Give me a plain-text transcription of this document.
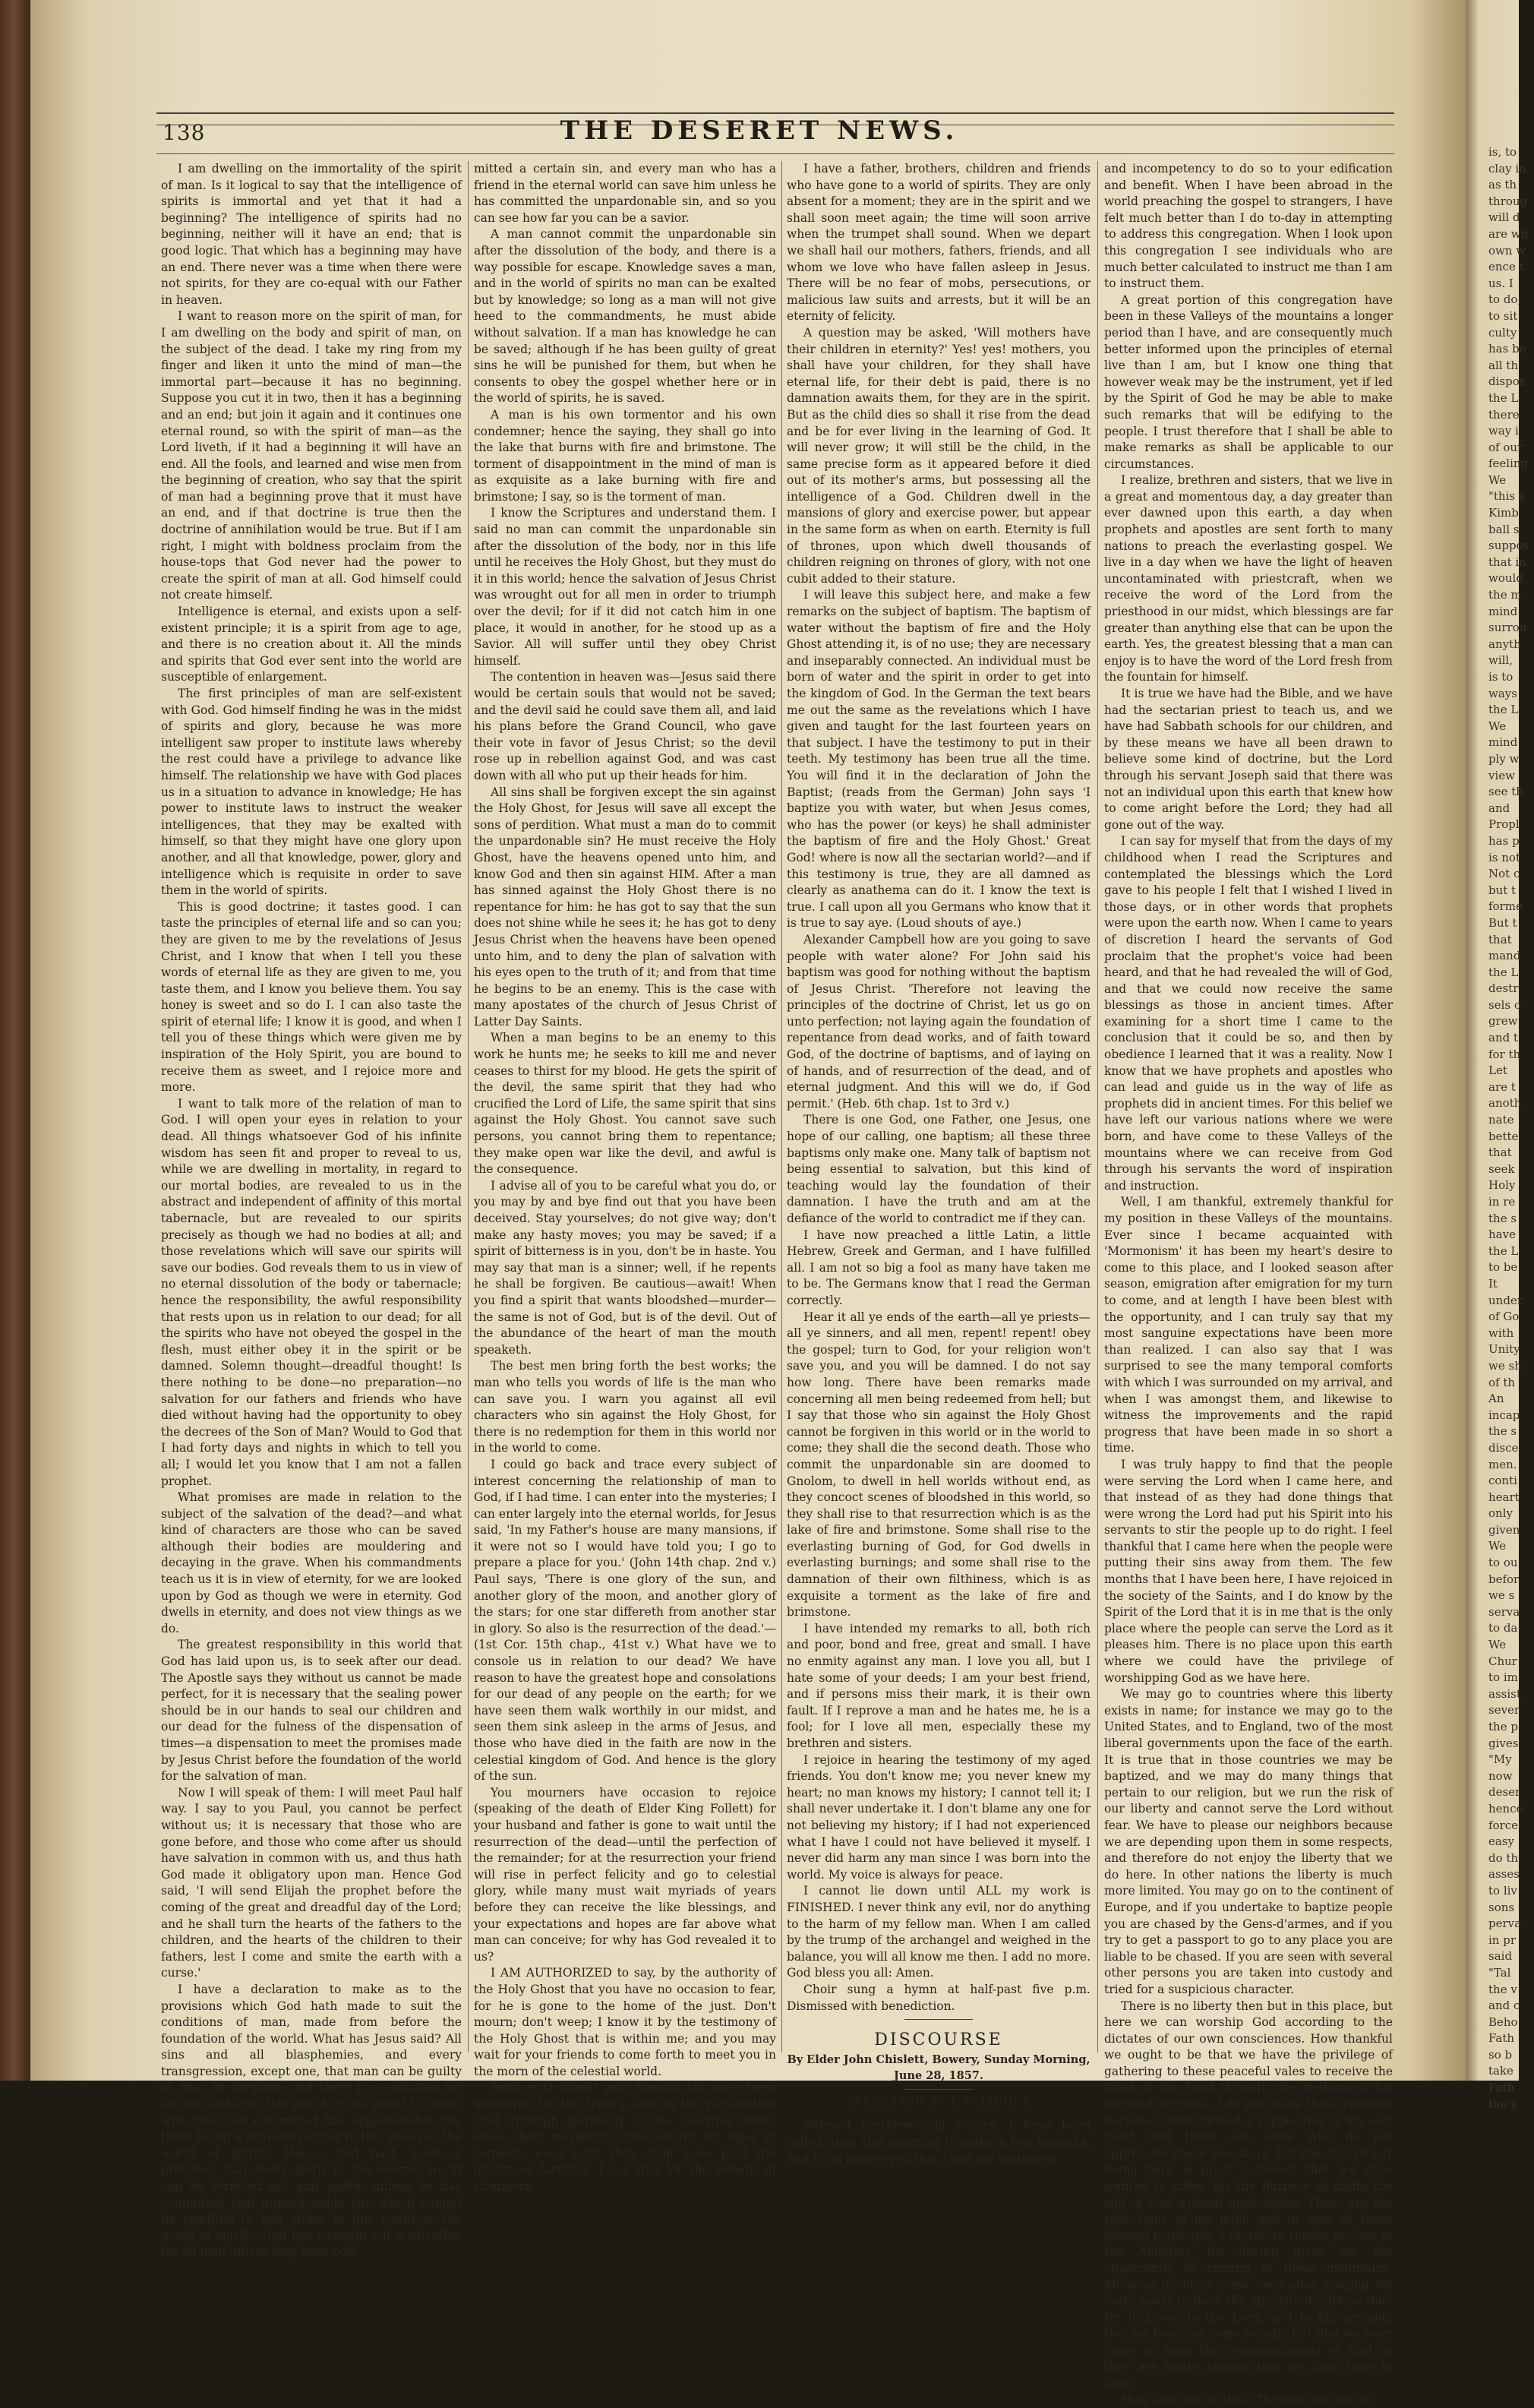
138	THE DESERET NEWS.

I am dwelling on the immortality of the spirit of man. Is it logical to say that the intelligence of spirits is immortal and yet that it had a beginning? The intelligence of spirits had no beginning, neither will it have an end; that is good logic. That which has a beginning may have an end. There never was a time when there were not spirits, for they are co-equal with our Father in heaven.

I want to reason more on the spirit of man, for I am dwelling on the body and spirit of man, on the subject of the dead. I take my ring from my finger and liken it unto the mind of man—the immortal part—because it has no beginning. Suppose you cut it in two, then it has a beginning and an end; but join it again and it continues one eternal round, so with the spirit of man—as the Lord liveth, if it had a beginning it will have an end. All the fools, and learned and wise men from the beginning of creation, who say that the spirit of man had a beginning prove that it must have an end, and if that doctrine is true then the doctrine of annihilation would be true. But if I am right, I might with boldness proclaim from the house-tops that God never had the power to create the spirit of man at all. God himself could not create himself.

Intelligence is eternal, and exists upon a self-existent principle; it is a spirit from age to age, and there is no creation about it. All the minds and spirits that God ever sent into the world are susceptible of enlargement.

The first principles of man are self-existent with God. God himself finding he was in the midst of spirits and glory, because he was more intelligent saw proper to institute laws whereby the rest could have a privilege to advance like himself. The relationship we have with God places us in a situation to advance in knowledge; He has power to institute laws to instruct the weaker intelligences, that they may be exalted with himself, so that they might have one glory upon another, and all that knowledge, power, glory and intelligence which is requisite in order to save them in the world of spirits.

This is good doctrine; it tastes good. I can taste the principles of eternal life and so can you; they are given to me by the revelations of Jesus Christ, and I know that when I tell you these words of eternal life as they are given to me, you taste them, and I know you believe them. You say honey is sweet and so do I. I can also taste the spirit of eternal life; I know it is good, and when I tell you of these things which were given me by inspiration of the Holy Spirit, you are bound to receive them as sweet, and I rejoice more and more.

I want to talk more of the relation of man to God. I will open your eyes in relation to your dead. All things whatsoever God of his infinite wisdom has seen fit and proper to reveal to us, while we are dwelling in mortality, in regard to our mortal bodies, are revealed to us in the abstract and independent of affinity of this mortal tabernacle, but are revealed to our spirits precisely as though we had no bodies at all; and those revelations which will save our spirits will save our bodies. God reveals them to us in view of no eternal dissolution of the body or tabernacle; hence the responsibility, the awful responsibility that rests upon us in relation to our dead; for all the spirits who have not obeyed the gospel in the flesh, must either obey it in the spirit or be damned. Solemn thought—dreadful thought! Is there nothing to be done—no preparation—no salvation for our fathers and friends who have died without having had the opportunity to obey the decrees of the Son of Man? Would to God that I had forty days and nights in which to tell you all; I would let you know that I am not a fallen prophet.

What promises are made in relation to the subject of the salvation of the dead?—and what kind of characters are those who can be saved although their bodies are mouldering and decaying in the grave. When his commandments teach us it is in view of eternity, for we are looked upon by God as though we were in eternity. God dwells in eternity, and does not view things as we do.

The greatest responsibility in this world that God has laid upon us, is to seek after our dead. The Apostle says they without us cannot be made perfect, for it is necessary that the sealing power should be in our hands to seal our children and our dead for the fulness of the dispensation of times—a dispensation to meet the promises made by Jesus Christ before the foundation of the world for the salvation of man.

Now I will speak of them: I will meet Paul half way. I say to you Paul, you cannot be perfect without us; it is necessary that those who are gone before, and those who come after us should have salvation in common with us, and thus hath God made it obligatory upon man. Hence God said, 'I will send Elijah the prophet before the coming of the great and dreadful day of the Lord; and he shall turn the hearts of the fathers to the children, and the hearts of the children to their fathers, lest I come and smite the earth with a curse.'

I have a declaration to make as to the provisions which God hath made to suit the conditions of man, made from before the foundation of the world. What has Jesus said? All sins and all blasphemies, and every transgression, except one, that man can be guilty of, may be forgiven, and there is a salvation for all men either in this world or the world to come, who have not committed the unpardonable sin, there being a provision either in this world or the world of spirits. Hence God hath made a provision that every spirit in the eternal world can be ferreted out and saved, unless he has committed that unpardonable sin, which cannot be remitted to him either in this world or the world of spirits. God has wrought out a salvation for all men unless they have com-

mitted a certain sin, and every man who has a friend in the eternal world can save him unless he has committed the unpardonable sin, and so you can see how far you can be a savior.

A man cannot commit the unpardonable sin after the dissolution of the body, and there is a way possible for escape. Knowledge saves a man, and in the world of spirits no man can be exalted but by knowledge; so long as a man will not give heed to the commandments, he must abide without salvation. If a man has knowledge he can be saved; although if he has been guilty of great sins he will be punished for them, but when he consents to obey the gospel whether here or in the world of spirits, he is saved.

A man is his own tormentor and his own condemner; hence the saying, they shall go into the lake that burns with fire and brimstone. The torment of disappointment in the mind of man is as exquisite as a lake burning with fire and brimstone; I say, so is the torment of man.

I know the Scriptures and understand them. I said no man can commit the unpardonable sin after the dissolution of the body, nor in this life until he receives the Holy Ghost, but they must do it in this world; hence the salvation of Jesus Christ was wrought out for all men in order to triumph over the devil; for if it did not catch him in one place, it would in another, for he stood up as a Savior. All will suffer until they obey Christ himself.

The contention in heaven was—Jesus said there would be certain souls that would not be saved; and the devil said he could save them all, and laid his plans before the Grand Council, who gave their vote in favor of Jesus Christ; so the devil rose up in rebellion against God, and was cast down with all who put up their heads for him.

All sins shall be forgiven except the sin against the Holy Ghost, for Jesus will save all except the sons of perdition. What must a man do to commit the unpardonable sin? He must receive the Holy Ghost, have the heavens opened unto him, and know God and then sin against HIM. After a man has sinned against the Holy Ghost there is no repentance for him: he has got to say that the sun does not shine while he sees it; he has got to deny Jesus Christ when the heavens have been opened unto him, and to deny the plan of salvation with his eyes open to the truth of it; and from that time he begins to be an enemy. This is the case with many apostates of the church of Jesus Christ of Latter Day Saints.

When a man begins to be an enemy to this work he hunts me; he seeks to kill me and never ceases to thirst for my blood. He gets the spirit of the devil, the same spirit that they had who crucified the Lord of Life, the same spirit that sins against the Holy Ghost. You cannot save such persons, you cannot bring them to repentance; they make open war like the devil, and awful is the consequence.

I advise all of you to be careful what you do, or you may by and bye find out that you have been deceived. Stay yourselves; do not give way; don't make any hasty moves; you may be saved; if a spirit of bitterness is in you, don't be in haste. You may say that man is a sinner; well, if he repents he shall be forgiven. Be cautious—await! When you find a spirit that wants bloodshed—murder—the same is not of God, but is of the devil. Out of the abundance of the heart of man the mouth speaketh.

The best men bring forth the best works; the man who tells you words of life is the man who can save you. I warn you against all evil characters who sin against the Holy Ghost, for there is no redemption for them in this world nor in the world to come.

I could go back and trace every subject of interest concerning the relationship of man to God, if I had time. I can enter into the mysteries; I can enter largely into the eternal worlds, for Jesus said, 'In my Father's house are many mansions, if it were not so I would have told you; I go to prepare a place for you.' (John 14th chap. 2nd v.) Paul says, 'There is one glory of the sun, and another glory of the moon, and another glory of the stars; for one star differeth from another star in glory. So also is the resurrection of the dead.'—(1st Cor. 15th chap., 41st v.) What have we to console us in relation to our dead? We have reason to have the greatest hope and consolations for our dead of any people on the earth; for we have seen them walk worthily in our midst, and seen them sink asleep in the arms of Jesus, and those who have died in the faith are now in the celestial kingdom of God. And hence is the glory of the sun.

You mourners have occasion to rejoice (speaking of the death of Elder King Follett) for your husband and father is gone to wait until the resurrection of the dead—until the perfection of the remainder; for at the resurrection your friend will rise in perfect felicity and go to celestial glory, while many must wait myriads of years before they can receive the like blessings, and your expectations and hopes are far above what man can conceive; for why has God revealed it to us?

I AM AUTHORIZED to say, by the authority of the Holy Ghost that you have no occasion to fear, for he is gone to the home of the just. Don't mourn; don't weep; I know it by the testimony of the Holy Ghost that is within me; and you may wait for your friends to come forth to meet you in the morn of the celestial world.

Rejoice, O Israel! your friends who have been murdered for the truth's sake in the persecution shall triumph gloriously in the celestial world, while their murderers shall welter for ages in torment, even until they shall have paid the uttermost farthing. I say this for the benefit of strangers.

I have a father, brothers, children and friends who have gone to a world of spirits. They are only absent for a moment; they are in the spirit and we shall soon meet again; the time will soon arrive when the trumpet shall sound. When we depart we shall hail our mothers, fathers, friends, and all whom we love who have fallen asleep in Jesus. There will be no fear of mobs, persecutions, or malicious law suits and arrests, but it will be an eternity of felicity.

A question may be asked, 'Will mothers have their children in eternity?' Yes! yes! mothers, you shall have your children, for they shall have eternal life, for their debt is paid, there is no damnation awaits them, for they are in the spirit. But as the child dies so shall it rise from the dead and be for ever living in the learning of God. It will never grow; it will still be the child, in the same precise form as it appeared before it died out of its mother's arms, but possessing all the intelligence of a God. Children dwell in the mansions of glory and exercise power, but appear in the same form as when on earth. Eternity is full of thrones, upon which dwell thousands of children reigning on thrones of glory, with not one cubit added to their stature.

I will leave this subject here, and make a few remarks on the subject of baptism. The baptism of water without the baptism of fire and the Holy Ghost attending it, is of no use; they are necessary and inseparably connected. An individual must be born of water and the spirit in order to get into the kingdom of God. In the German the text bears me out the same as the revelations which I have given and taught for the last fourteen years on that subject. I have the testimony to put in their teeth. My testimony has been true all the time. You will find it in the declaration of John the Baptist; (reads from the German) John says 'I baptize you with water, but when Jesus comes, who has the power (or keys) he shall administer the baptism of fire and the Holy Ghost.' Great God! where is now all the sectarian world?—and if this testimony is true, they are all damned as clearly as anathema can do it. I know the text is true. I call upon all you Germans who know that it is true to say aye. (Loud shouts of aye.)

Alexander Campbell how are you going to save people with water alone? For John said his baptism was good for nothing without the baptism of Jesus Christ. 'Therefore not leaving the principles of the doctrine of Christ, let us go on unto perfection; not laying again the foundation of repentance from dead works, and of faith toward God, of the doctrine of baptisms, and of laying on of hands, and of resurrection of the dead, and of eternal judgment. And this will we do, if God permit.' (Heb. 6th chap. 1st to 3rd v.)

There is one God, one Father, one Jesus, one hope of our calling, one baptism; all these three baptisms only make one. Many talk of baptism not being essential to salvation, but this kind of teaching would lay the foundation of their damnation. I have the truth and am at the defiance of the world to contradict me if they can.

I have now preached a little Latin, a little Hebrew, Greek and German, and I have fulfilled all. I am not so big a fool as many have taken me to be. The Germans know that I read the German correctly.

Hear it all ye ends of the earth—all ye priests—all ye sinners, and all men, repent! repent! obey the gospel; turn to God, for your religion won't save you, and you will be damned. I do not say how long. There have been remarks made concerning all men being redeemed from hell; but I say that those who sin against the Holy Ghost cannot be forgiven in this world or in the world to come; they shall die the second death. Those who commit the unpardonable sin are doomed to Gnolom, to dwell in hell worlds without end, as they concoct scenes of bloodshed in this world, so they shall rise to that resurrection which is as the lake of fire and brimstone. Some shall rise to the everlasting burning of God, for God dwells in everlasting burnings; and some shall rise to the damnation of their own filthiness, which is as exquisite a torment as the lake of fire and brimstone.

I have intended my remarks to all, both rich and poor, bond and free, great and small. I have no enmity against any man. I love you all, but I hate some of your deeds; I am your best friend, and if persons miss their mark, it is their own fault. If I reprove a man and he hates me, he is a fool; for I love all men, especially these my brethren and sisters.

I rejoice in hearing the testimony of my aged friends. You don't know me; you never knew my heart; no man knows my history; I cannot tell it; I shall never undertake it. I don't blame any one for not believing my history; if I had not experienced what I have I could not have believed it myself. I never did harm any man since I was born into the world. My voice is always for peace.

I cannot lie down until ALL my work is FINISHED. I never think any evil, nor do anything to the harm of my fellow man. When I am called by the trump of the archangel and weighed in the balance, you will all know me then. I add no more. God bless you all: Amen.

Choir sung a hymn at half-past five p.m. Dismissed with benediction.

DISCOURSE

By Elder John Chislett, Bowery, Sunday Morning, June 28, 1857.

(REPORTED BY J. V. LONG.)

Beloved brethren and sisters, I have been called upon this morning to make a few remarks, and I can assure you that I feel my weakness

and incompetency to do so to your edification and benefit. When I have been abroad in the world preaching the gospel to strangers, I have felt much better than I do to-day in attempting to address this congregation. When I look upon this congregation I see individuals who are much better calculated to instruct me than I am to instruct them.

A great portion of this congregation have been in these Valleys of the mountains a longer period than I have, and are consequently much better informed upon the principles of eternal live than I am, but I know one thing that however weak may be the instrument, yet if led by the Spirit of God he may be able to make such remarks that will be edifying to the people. I trust therefore that I shall be able to make remarks as shall be applicable to our circumstances.

I realize, brethren and sisters, that we live in a great and momentous day, a day greater than ever dawned upon this earth, a day when prophets and apostles are sent forth to many nations to preach the everlasting gospel. We live in a day when we have the light of heaven uncontaminated with priestcraft, when we receive the word of the Lord from the priesthood in our midst, which blessings are far greater than anything else that can be upon the earth. Yes, the greatest blessing that a man can enjoy is to have the word of the Lord fresh from the fountain for himself.

It is true we have had the Bible, and we have had the sectarian priest to teach us, and we have had Sabbath schools for our children, and by these means we have all been drawn to believe some kind of doctrine, but the Lord through his servant Joseph said that there was not an individual upon this earth that knew how to come aright before the Lord; they had all gone out of the way.

I can say for myself that from the days of my childhood when I read the Scriptures and contemplated the blessings which the Lord gave to his people I felt that I wished I lived in those days, or in other words that prophets were upon the earth now. When I came to years of discretion I heard the servants of God proclaim that the prophet's voice had been heard, and that he had revealed the will of God, and that we could now receive the same blessings as those in ancient times. After examining for a short time I came to the conclusion that it could be so, and then by obedience I learned that it was a reality. Now I know that we have prophets and apostles who can lead and guide us in the way of life as prophets did in ancient times. For this belief we have left our various nations where we were born, and have come to these Valleys of the mountains where we can receive from God through his servants the word of inspiration and instruction.

Well, I am thankful, extremely thankful for my position in these Valleys of the mountains. Ever since I became acquainted with 'Mormonism' it has been my heart's desire to come to this place, and I looked season after season, emigration after emigration for my turn to come, and at length I have been blest with the opportunity, and I can truly say that my most sanguine expectations have been more than realized. I can also say that I was surprised to see the many temporal comforts with which I was surrounded on my arrival, and when I was amongst them, and likewise to witness the improvements and the rapid progress that have been made in so short a time.

I was truly happy to find that the people were serving the Lord when I came here, and that instead of as they had done things that were wrong the Lord had put his Spirit into his servants to stir the people up to do right. I feel thankful that I came here when the people were putting their sins away from them. The few months that I have been here, I have rejoiced in the society of the Saints, and I do know by the Spirit of the Lord that it is in me that is the only place where the people can serve the Lord as it pleases him. There is no place upon this earth where we could have the privilege of worshipping God as we have here.

We may go to countries where this liberty exists in name; for instance we may go to the United States, and to England, two of the most liberal governments upon the face of the earth. It is true that in those countries we may be baptized, and we may do many things that pertain to our religion, but we run the risk of our liberty and cannot serve the Lord without fear. We have to please our neighbors because we are depending upon them in some respects, and therefore do not enjoy the liberty that we do here. In other nations the liberty is much more limited. You may go on to the continent of Europe, and if you undertake to baptize people you are chased by the Gens-d'armes, and if you try to get a passport to go to any place you are liable to be chased. If you are seen with several other persons you are taken into custody and tried for a suspicious character.

There is no liberty then but in this place, but here we can worship God according to the dictates of our own consciences. How thankful we ought to be that we have the privilege of gathering to these peaceful vales to receive the word of the Lord through the medium of his inspired servants. I do not make these remarks because I have formed a supposition in my own mind that there are some who do not appreciate these blessings, but the fact of our being here is proof sufficient that we once wanted to come, for the purpose of doing the will of God without molestation. These are the reflections of my mind and in view of these blessed privileges, I therefore render praises to the Almighty for having given me the opportunity of coming to these mountains. Many of us have come here after longing for many years to have the opportunity; let us then try to prove to the Lord, and to his servants that we have not come in vain, but that we have come to keep the commandments of God as they are made known unto us from time to time.

How shall we do this? The best we can do

is, to
clay in
as th
throug
will d
are wh
own w
ence t
us. I
to do,
to sit
culty
has be
all th
dispos
the L
there
way i
of our
feeling
We
"this s
Kimb
ball s
suppos
that in
would
the m
mind
surrou
anyth
will,
is to
ways
the L
We
mind
ply w
view
see th
and
Propl
has p
is not
Not c
but t
forme
But t
that
mand
the L
destr
sels o
grew
and t
for th
Let
are t
anoth
nate
bette
that
seek
Holy
in re
the s
have
the L
to be
It
under
of Go
with
Unity
we sh
of th
An
incap
the s
disce
men.
conti
heart
only
given
We
to ou
befor
we s
serva
to da
We
Chur
to im
assist
sever
the p
gives
"My
now
deser
hence
force
easy
do th
asses
to liv
sons
perva
in pr
said
"Tal
the v
and c
Beho
Fath
so b
take
Fath
the s
